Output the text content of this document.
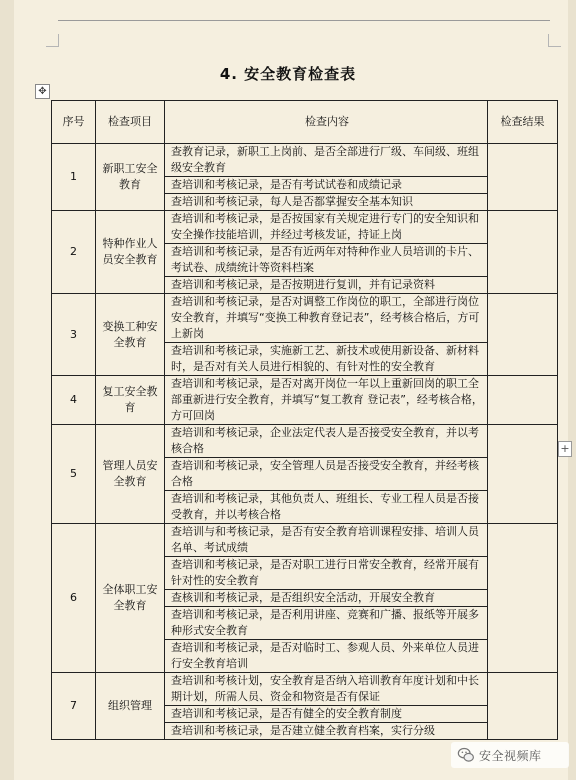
4. 安全教育检查表
✥
+
序号	检查项目	检查内容	检查结果
1	新职工安全教育	查教育记录，新职工上岗前、是否全部进行厂级、车间级、班组级安全教育	
		查培训和考核记录，是否有考试试卷和成绩记录	
		查培训和考核记录，每人是否都掌握安全基本知识	
2	特种作业人员安全教育	查培训和考核记录，是否按国家有关规定进行专门的安全知识和安全操作技能培训，并经过考核发证，持证上岗	
		查培训和考核记录，是否有近两年对特种作业人员培训的卡片、考试卷、成绩统计等资料档案	
		查培训和考核记录，是否按期进行复训，并有记录资料	
3	变换工种安全教育	查培训和考核记录，是否对调整工作岗位的职工，全部进行岗位安全教育，并填写“变换工种教育登记表”，经考核合格后，方可上新岗	
		查培训和考核记录，实施新工艺、新技术或使用新设备、新材料时，是否对有关人员进行相貌的、有针对性的安全教育	
4	复工安全教育	查培训和考核记录，是否对离开岗位一年以上重新回岗的职工全部重新进行安全教育，并填写“复工教育 登记表”，经考核合格，方可回岗	
5	管理人员安全教育	查培训和考核记录，企业法定代表人是否接受安全教育，并以考核合格	
		查培训和考核记录，安全管理人员是否接受安全教育，并经考核合格	
		查培训和考核记录，其他负责人、班组长、专业工程人员是否接受教育，并以考核合格	
6	全体职工安全教育	查培训与和考核记录，是否有安全教育培训课程安排、培训人员名单、考试成绩	
		查培训和考核记录，是否对职工进行日常安全教育，经常开展有针对性的安全教育	
		查核训和考核记录，是否组织安全活动，开展安全教育	
		查培训和考核记录，是否利用讲座、竞赛和广播、报纸等开展多种形式安全教育	
		查培训和考核记录，是否对临时工、参观人员、外来单位人员进行安全教育培训	
7	组织管理	查培训和考核计划，安全教育是否纳入培训教育年度计划和中长期计划，所需人员、资金和物资是否有保证	
		查培训和考核记录，是否有健全的安全教育制度	
		查培训和考核记录，是否建立健全教育档案，实行分级	
安全视频库
